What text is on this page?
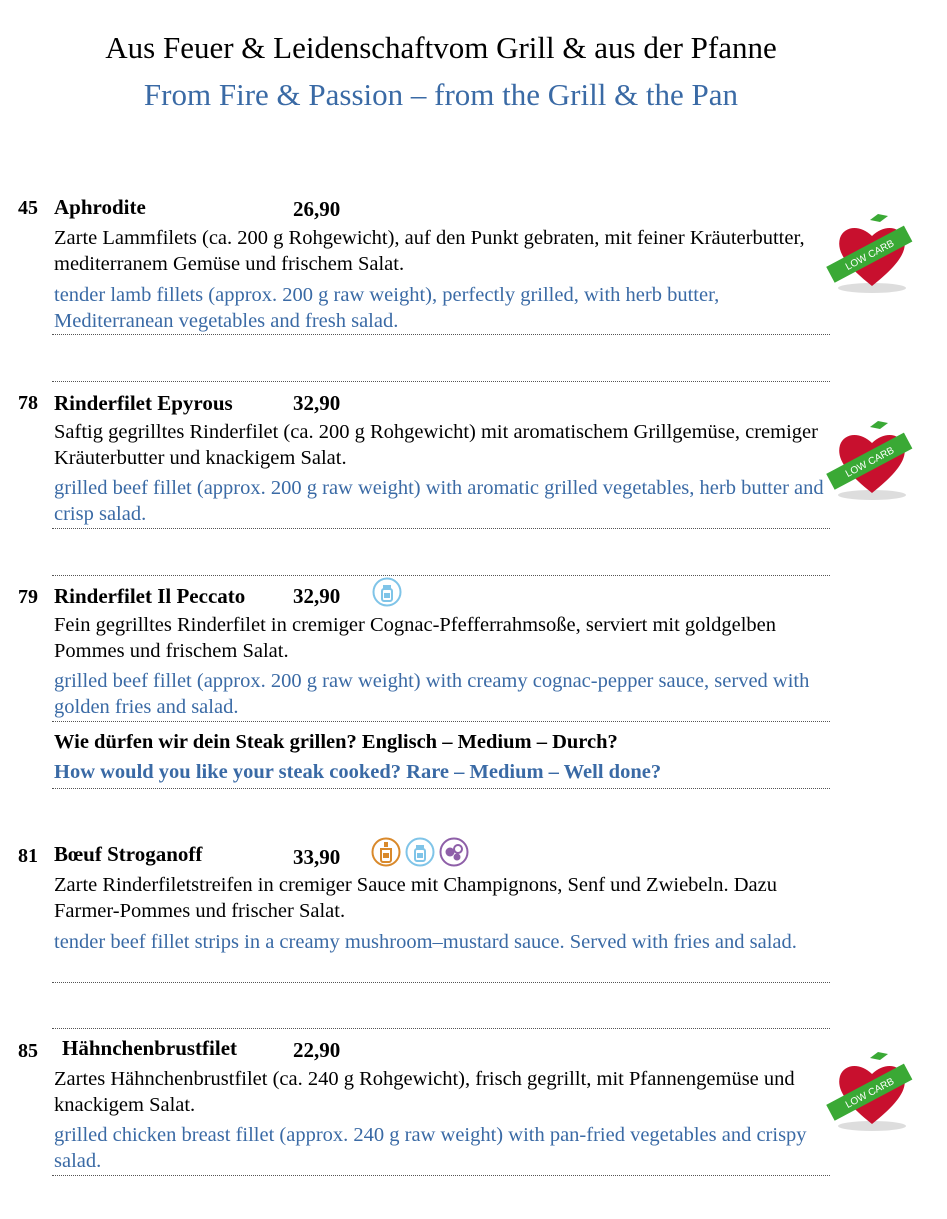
Aus Feuer & Leidenschaftvom Grill & aus der Pfanne
From Fire & Passion – from the Grill & the Pan
45 Aphrodite	26,90
Zarte Lammfilets (ca. 200 g Rohgewicht), auf den Punkt gebraten, mit feiner Kräuterbutter, mediterranem Gemüse und frischem Salat.
tender lamb fillets (approx. 200 g raw weight), perfectly grilled, with herb butter, Mediterranean vegetables and fresh salad.
LOW CARB
78 Rinderfilet Epyrous	32,90
Saftig gegrilltes Rinderfilet (ca. 200 g Rohgewicht) mit aromatischem Grillgemüse, cremiger Kräuterbutter und knackigem Salat.
grilled beef fillet (approx. 200 g raw weight) with aromatic grilled vegetables, herb butter and crisp salad.
LOW CARB
79 Rinderfilet Il Peccato 32,90
Fein gegrilltes Rinderfilet in cremiger Cognac-Pfefferrahmsoße, serviert mit goldgelben Pommes und frischem Salat.
grilled beef fillet (approx. 200 g raw weight) with creamy cognac-pepper sauce, served with golden fries and salad.
Wie dürfen wir dein Steak grillen? Englisch – Medium – Durch?
How would you like your steak cooked? Rare – Medium – Well done?
81 Bœuf Stroganoff	33,90
Zarte Rinderfiletstreifen in cremiger Sauce mit Champignons, Senf und Zwiebeln. Dazu Farmer-Pommes und frischer Salat.
tender beef fillet strips in a creamy mushroom–mustard sauce. Served with fries and salad.
85 Hähnchenbrustfilet	22,90
Zartes Hähnchenbrustfilet (ca. 240 g Rohgewicht), frisch gegrillt, mit Pfannengemüse und knackigem Salat.
grilled chicken breast fillet (approx. 240 g raw weight) with pan-fried vegetables and crispy salad.
LOW CARB
